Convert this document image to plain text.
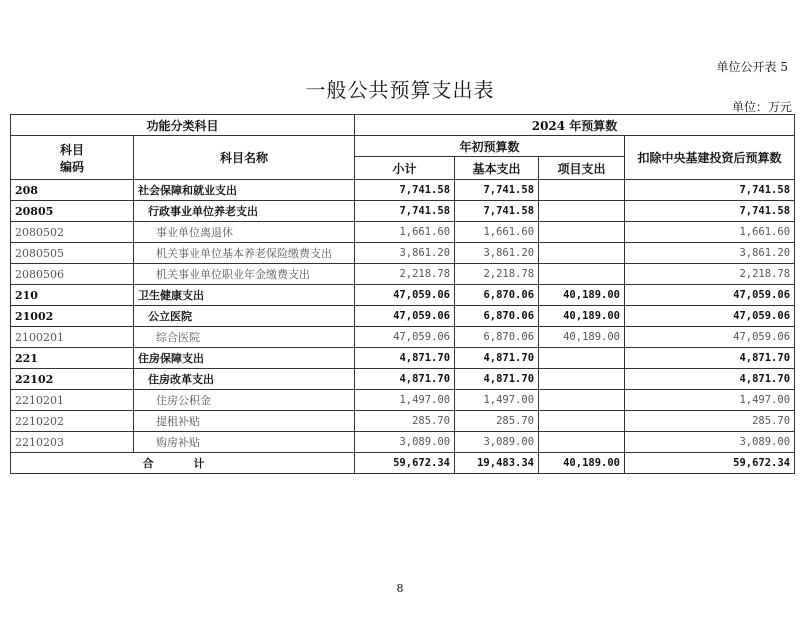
单位公开表 5
一般公共预算支出表
单位：万元
功能分类科目		2024 年预算数			
科目
编码	科目名称	年初预算数			扣除中央基建投资后预算数
		小计	基本支出	项目支出	
208	社会保障和就业支出	7,741.58	7,741.58		7,741.58
20805	行政事业单位养老支出	7,741.58	7,741.58		7,741.58
2080502	事业单位离退休	1,661.60	1,661.60		1,661.60
2080505	机关事业单位基本养老保险缴费支出	3,861.20	3,861.20		3,861.20
2080506	机关事业单位职业年金缴费支出	2,218.78	2,218.78		2,218.78
210	卫生健康支出	47,059.06	6,870.06	40,189.00	47,059.06
21002	公立医院	47,059.06	6,870.06	40,189.00	47,059.06
2100201	综合医院	47,059.06	6,870.06	40,189.00	47,059.06
221	住房保障支出	4,871.70	4,871.70		4,871.70
22102	住房改革支出	4,871.70	4,871.70		4,871.70
2210201	住房公积金	1,497.00	1,497.00		1,497.00
2210202	提租补贴	285.70	285.70		285.70
2210203	购房补贴	3,089.00	3,089.00		3,089.00
合 计		59,672.34	19,483.34	40,189.00	59,672.34
8
